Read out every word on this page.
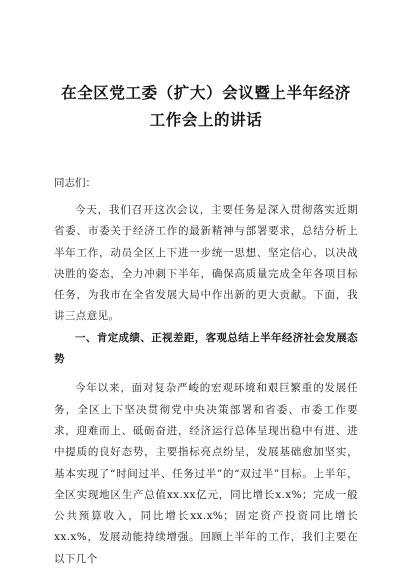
在全区党工委（扩大）会议暨上半年经济
工作会上的讲话
同志们：

今天，我们召开这次会议，主要任务是深入贯彻落实近期省委、市委关于经济工作的最新精神与部署要求，总结分析上半年工作，动员全区上下进一步统一思想、坚定信心，以决战决胜的姿态，全力冲刺下半年，确保高质量完成全年各项目标任务，为我市在全省发展大局中作出新的更大贡献。下面，我讲三点意见。

一、肯定成绩、正视差距，客观总结上半年经济社会发展态势

今年以来，面对复杂严峻的宏观环境和艰巨繁重的发展任务，全区上下坚决贯彻党中央决策部署和省委、市委工作要求，迎难而上、砥砺奋进，经济运行总体呈现出稳中有进、进中提质的良好态势，主要指标亮点纷呈，发展基础愈加坚实，基本实现了“时间过半、任务过半”的“双过半”目标。上半年，全区实现地区生产总值xx.xx亿元，同比增长x.x%；完成一般公共预算收入，同比增长xx.x%；固定资产投资同比增长xx.x%，发展动能持续增强。回顾上半年的工作，我们主要在以下几个
